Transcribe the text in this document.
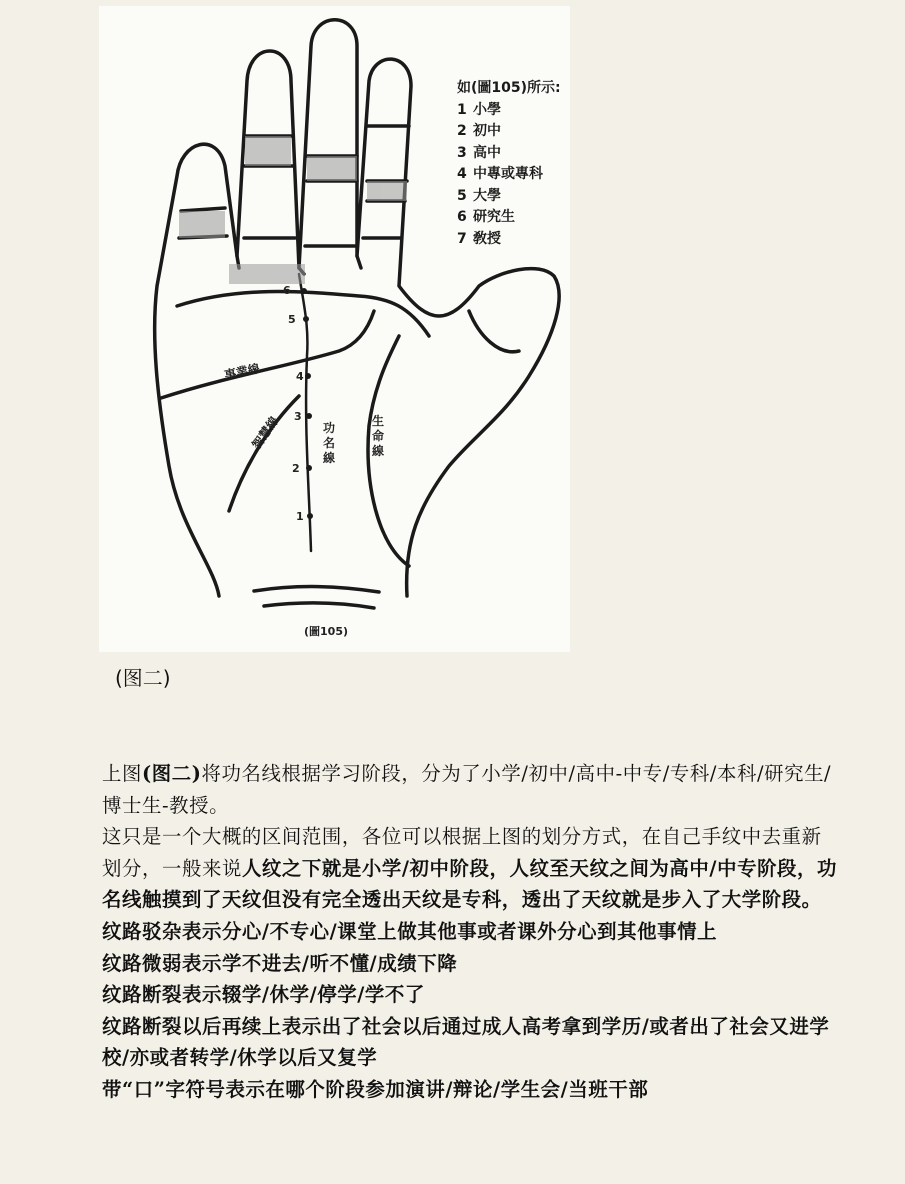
6
5
4
3
2
1
事業線
智慧線	功名線
生命線
如(圖105)所示:
1 小學
2 初中
3 高中
4 中專或專科
5 大學
6 研究生
7 敎授
(圖105)
(图二)

上图(图二)将功名线根据学习阶段，分为了小学/初中/高中-中专/专科/本科/研究生/博士生-教授。

这只是一个大概的区间范围，各位可以根据上图的划分方式，在自己手纹中去重新划分，一般来说人纹之下就是小学/初中阶段，人纹至天纹之间为高中/中专阶段，功名线触摸到了天纹但没有完全透出天纹是专科，透出了天纹就是步入了大学阶段。

纹路驳杂表示分心/不专心/课堂上做其他事或者课外分心到其他事情上

纹路微弱表示学不进去/听不懂/成绩下降

纹路断裂表示辍学/休学/停学/学不了

纹路断裂以后再续上表示出了社会以后通过成人高考拿到学历/或者出了社会又进学校/亦或者转学/休学以后又复学

带“口”字符号表示在哪个阶段参加演讲/辩论/学生会/当班干部
